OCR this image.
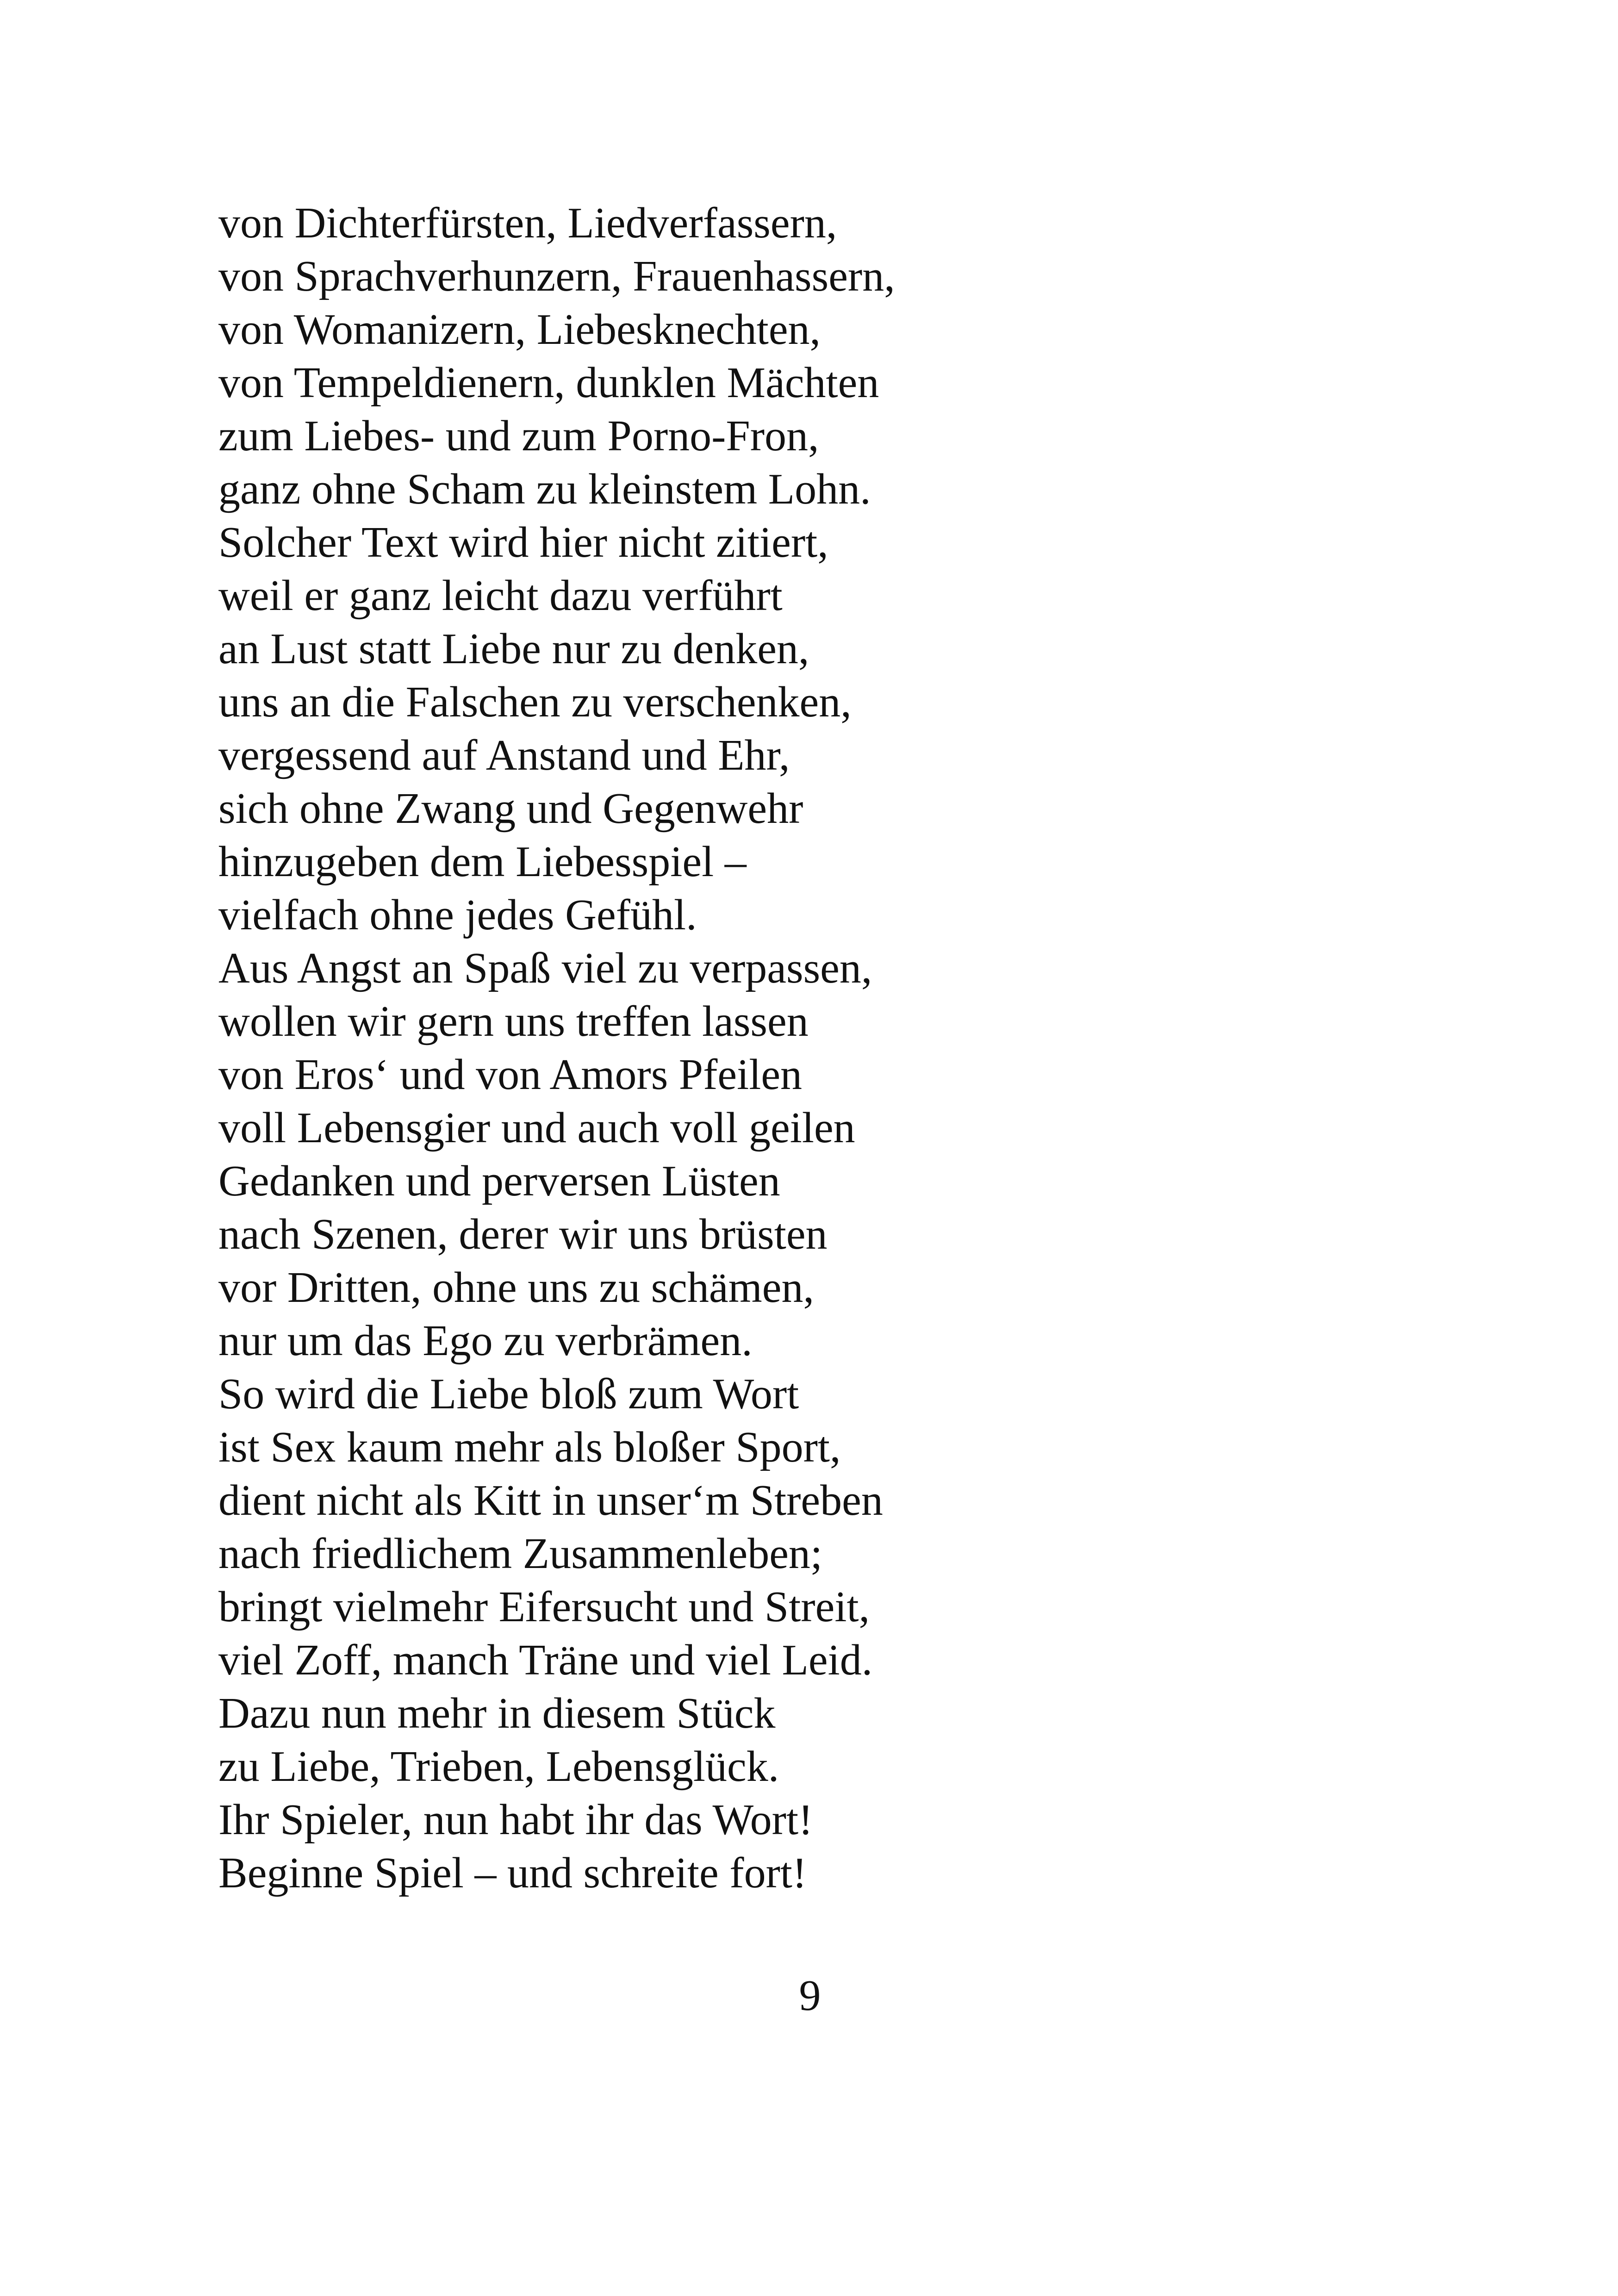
von Dichterfürsten, Liedverfassern,
von Sprachverhunzern, Frauenhassern,
von Womanizern, Liebesknechten,
von Tempeldienern, dunklen Mächten
zum Liebes- und zum Porno-Fron,
ganz ohne Scham zu kleinstem Lohn.
Solcher Text wird hier nicht zitiert,
weil er ganz leicht dazu verführt
an Lust statt Liebe nur zu denken,
uns an die Falschen zu verschenken,
vergessend auf Anstand und Ehr,
sich ohne Zwang und Gegenwehr
hinzugeben dem Liebesspiel –
vielfach ohne jedes Gefühl.
Aus Angst an Spaß viel zu verpassen,
wollen wir gern uns treffen lassen
von Eros‘ und von Amors Pfeilen
voll Lebensgier und auch voll geilen
Gedanken und perversen Lüsten
nach Szenen, derer wir uns brüsten
vor Dritten, ohne uns zu schämen,
nur um das Ego zu verbrämen.
So wird die Liebe bloß zum Wort
ist Sex kaum mehr als bloßer Sport,
dient nicht als Kitt in unser‘m Streben
nach friedlichem Zusammenleben;
bringt vielmehr Eifersucht und Streit,
viel Zoff, manch Träne und viel Leid.
Dazu nun mehr in diesem Stück
zu Liebe, Trieben, Lebensglück.
Ihr Spieler, nun habt ihr das Wort!
Beginne Spiel – und schreite fort!
9
